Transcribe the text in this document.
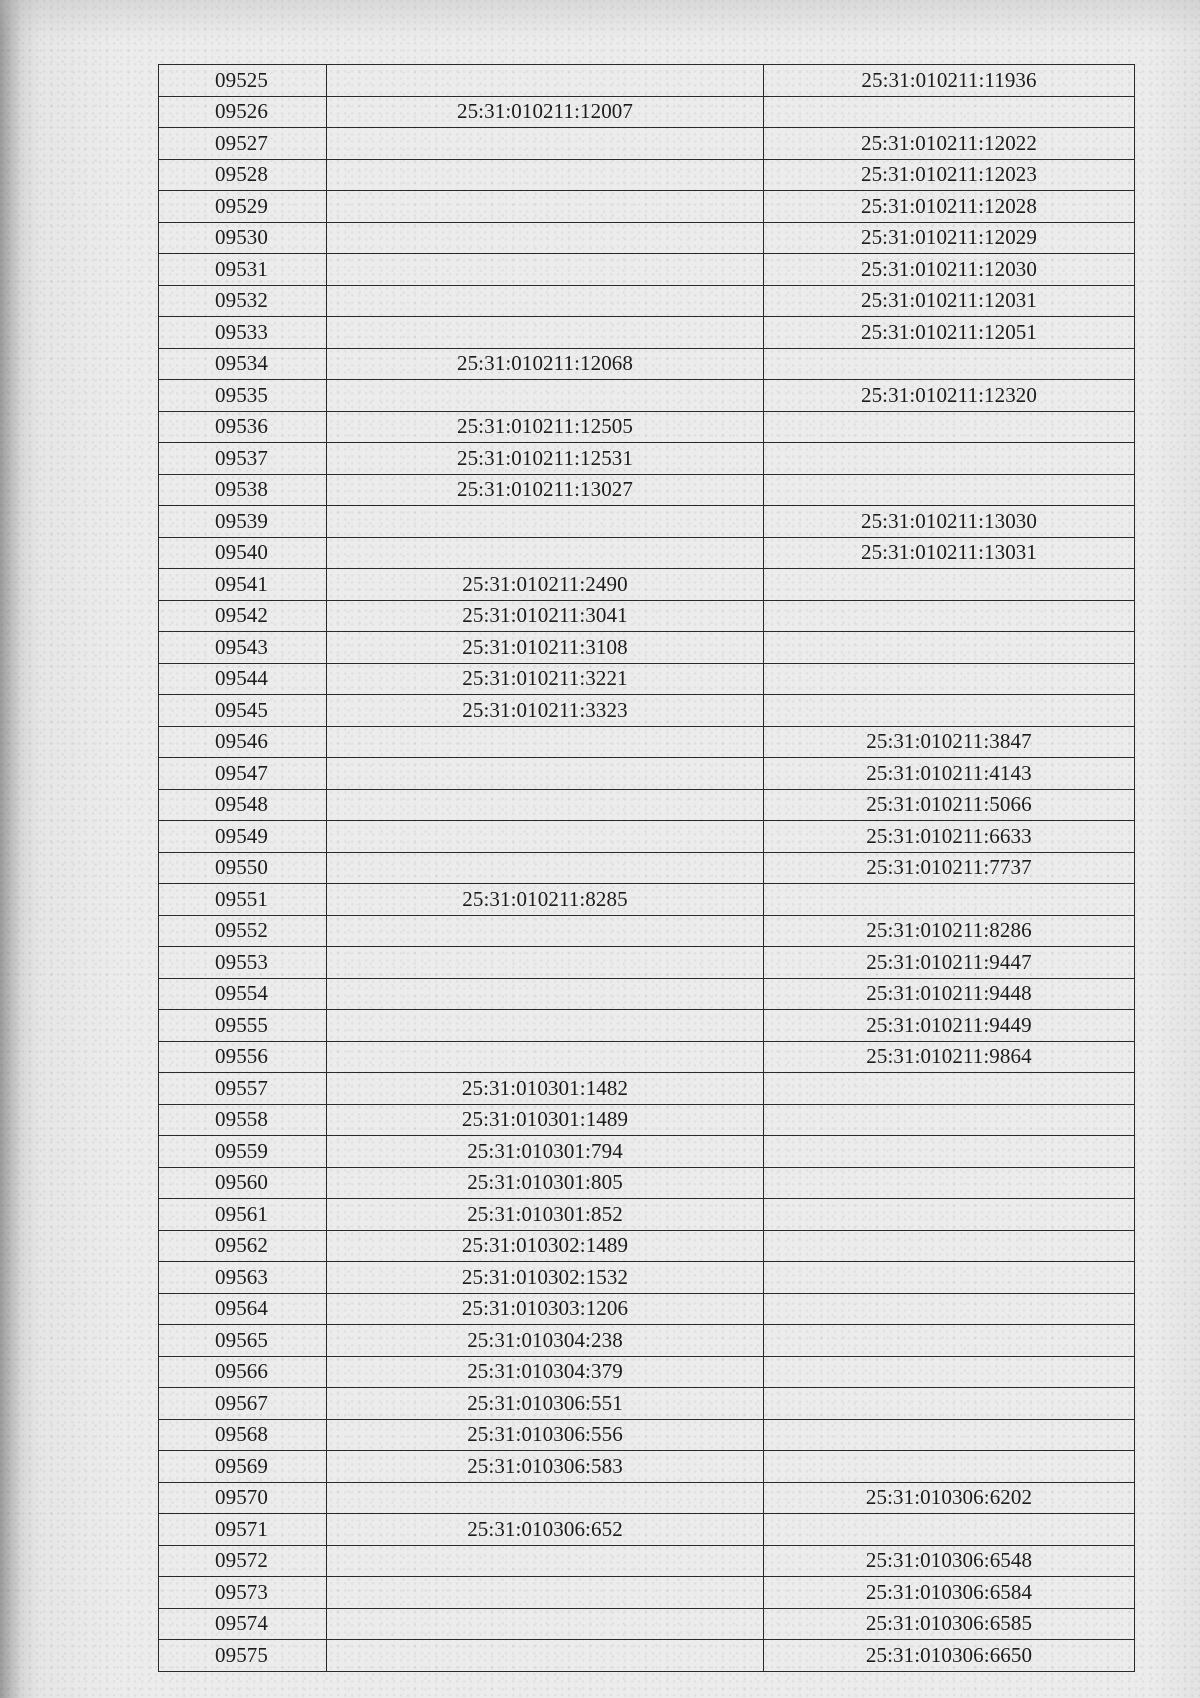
09525		25:31:010211:11936
09526	25:31:010211:12007	
09527		25:31:010211:12022
09528		25:31:010211:12023
09529		25:31:010211:12028
09530		25:31:010211:12029
09531		25:31:010211:12030
09532		25:31:010211:12031
09533		25:31:010211:12051
09534	25:31:010211:12068	
09535		25:31:010211:12320
09536	25:31:010211:12505	
09537	25:31:010211:12531	
09538	25:31:010211:13027	
09539		25:31:010211:13030
09540		25:31:010211:13031
09541	25:31:010211:2490	
09542	25:31:010211:3041	
09543	25:31:010211:3108	
09544	25:31:010211:3221	
09545	25:31:010211:3323	
09546		25:31:010211:3847
09547		25:31:010211:4143
09548		25:31:010211:5066
09549		25:31:010211:6633
09550		25:31:010211:7737
09551	25:31:010211:8285	
09552		25:31:010211:8286
09553		25:31:010211:9447
09554		25:31:010211:9448
09555		25:31:010211:9449
09556		25:31:010211:9864
09557	25:31:010301:1482	
09558	25:31:010301:1489	
09559	25:31:010301:794	
09560	25:31:010301:805	
09561	25:31:010301:852	
09562	25:31:010302:1489	
09563	25:31:010302:1532	
09564	25:31:010303:1206	
09565	25:31:010304:238	
09566	25:31:010304:379	
09567	25:31:010306:551	
09568	25:31:010306:556	
09569	25:31:010306:583	
09570		25:31:010306:6202
09571	25:31:010306:652	
09572		25:31:010306:6548
09573		25:31:010306:6584
09574		25:31:010306:6585
09575		25:31:010306:6650
